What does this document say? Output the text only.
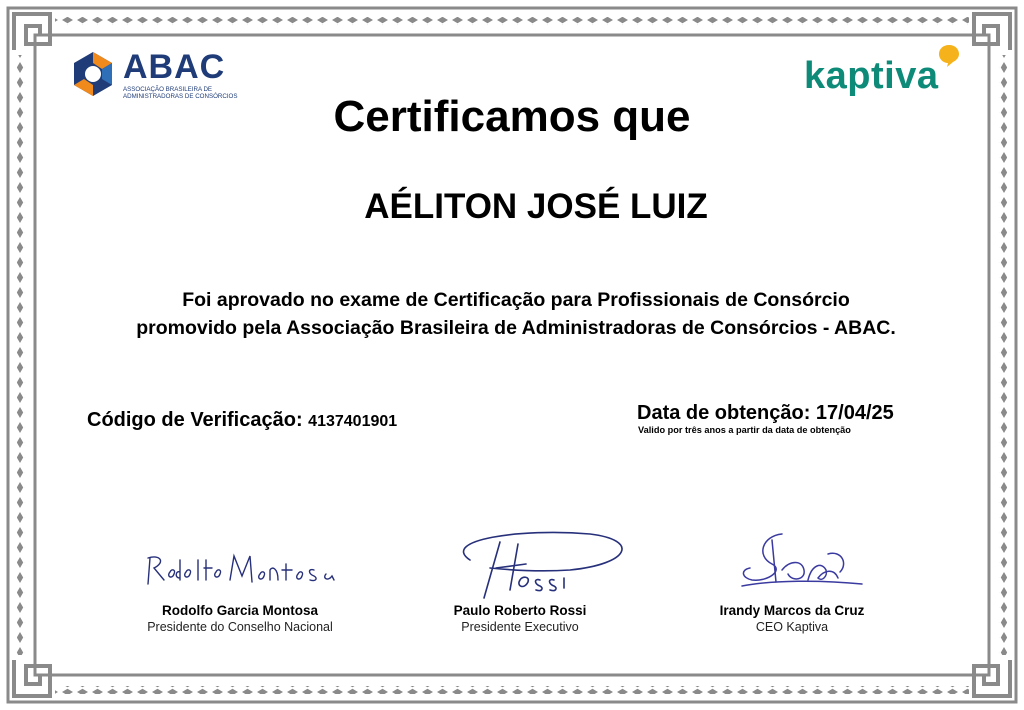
ABAC
ASSOCIAÇÃO BRASILEIRA DE ADMINISTRADORAS DE CONSÓRCIOS	kaptiva
Certificamos que
AÉLITON JOSÉ LUIZ
Foi aprovado no exame de Certificação para Profissionais de Consórcio
promovido pela Associação Brasileira de Administradoras de Consórcios - ABAC.
Código de Verificação: 4137401901	Data de obtenção: 17/04/25
Valido por três anos a partir da data de obtenção
Rodolfo Garcia Montosa
Presidente do Conselho Nacional
Paulo Roberto Rossi
Presidente Executivo
Irandy Marcos da Cruz
CEO Kaptiva
